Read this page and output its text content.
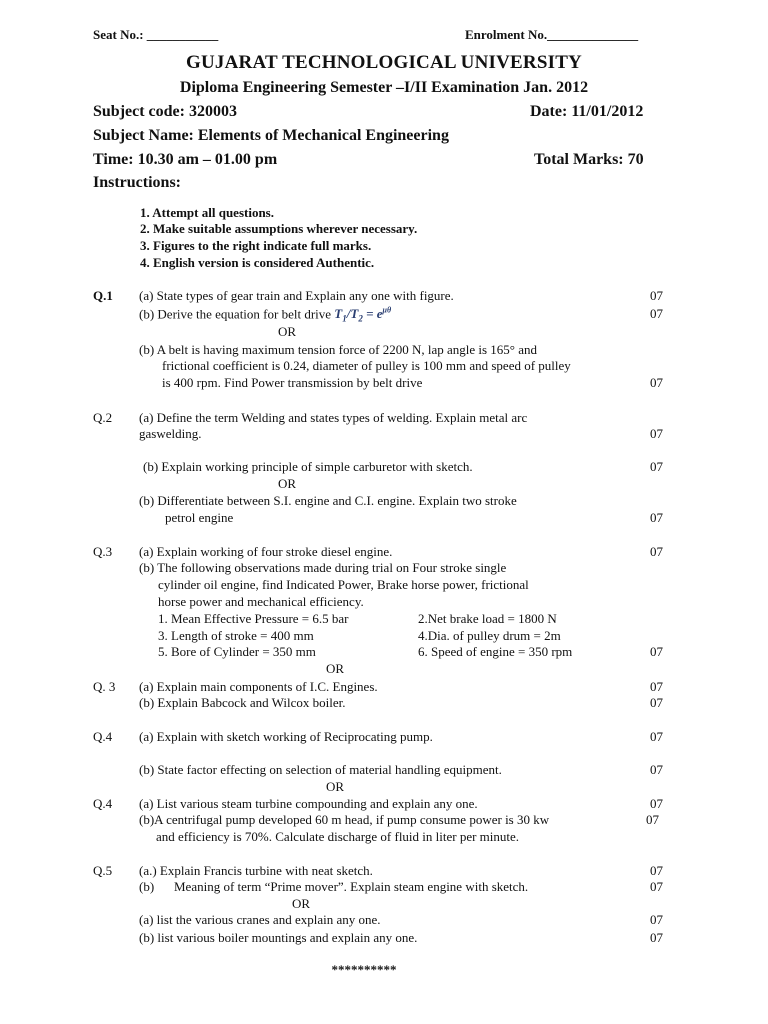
Seat No.: ___________	Enrolment No.______________
GUJARAT TECHNOLOGICAL UNIVERSITY
Diploma Engineering Semester –I/II Examination Jan. 2012
Subject code: 320003	Date: 11/01/2012
Subject Name: Elements of Mechanical Engineering
Time: 10.30 am – 01.00 pm	Total Marks: 70
Instructions:
1. Attempt all questions.
2. Make suitable assumptions wherever necessary.
3. Figures to the right indicate full marks.
4. English version is considered Authentic.
Q.1 (a) State types of gear train and Explain any one with figure.	07
(b) Derive the equation for belt drive $T_1/T_2 = e^{\mu\theta}$	07
OR
(b) A belt is having maximum tension force of 2200 N, lap angle is 165° and
frictional coefficient is 0.24, diameter of pulley is 100 mm and speed of pulley
is 400 rpm. Find Power transmission by belt drive	07
Q.2 (a) Define the term Welding and states types of welding. Explain metal arc
gaswelding.	07
(b) Explain working principle of simple carburetor with sketch.	07
OR
(b) Differentiate between S.I. engine and C.I. engine. Explain two stroke
petrol engine	07
Q.3 (a) Explain working of four stroke diesel engine.	07
(b) The following observations made during trial on Four stroke single
cylinder oil engine, find Indicated Power, Brake horse power, frictional
horse power and mechanical efficiency.
1. Mean Effective Pressure = 6.5 bar	2.Net brake load = 1800 N
3. Length of stroke = 400 mm	4.Dia. of pulley drum = 2m
5. Bore of Cylinder = 350 mm	6. Speed of engine = 350 rpm	07
OR
Q. 3 (a) Explain main components of I.C. Engines.	07
(b) Explain Babcock and Wilcox boiler.	07
Q.4 (a) Explain with sketch working of Reciprocating pump.	07
(b) State factor effecting on selection of material handling equipment.	07
OR
Q.4 (a) List various steam turbine compounding and explain any one.	07
(b)A centrifugal pump developed 60 m head, if pump consume power is 30 kw	07
and efficiency is 70%. Calculate discharge of fluid in liter per minute.
Q.5 (a.) Explain Francis turbine with neat sketch.	07
(b) Meaning of term “Prime mover”. Explain steam engine with sketch.	07
OR
(a) list the various cranes and explain any one.	07
(b) list various boiler mountings and explain any one.	07
**********
